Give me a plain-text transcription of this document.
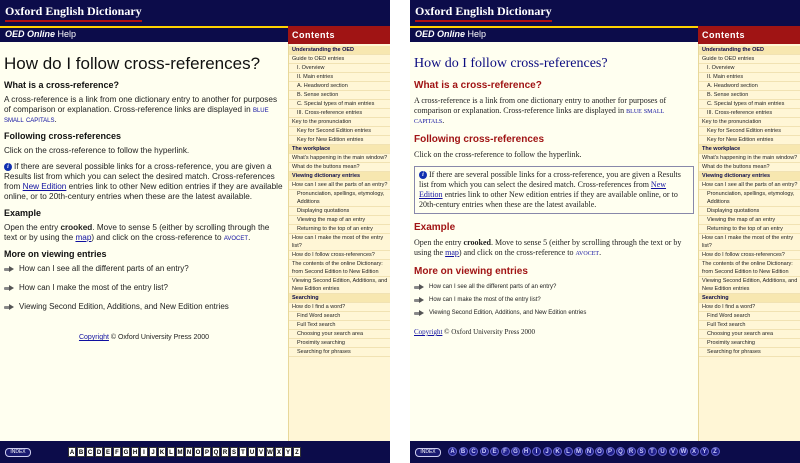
Oxford English Dictionary
OED Online Help	Contents
How do I follow cross-references?
What is a cross-reference?

A cross-reference is a link from one dictionary entry to another for purposes of comparison or explanation. Cross-reference links are displayed in blue small capitals.

Following cross-references

Click on the cross-reference to follow the hyperlink.

i If there are several possible links for a cross-reference, you are given a Results list from which you can select the desired match. Cross-references from New Edition entries link to other New edition entries if they are available online, or to 20th-century entries when these are the latest available.

Example

Open the entry crooked. Move to sense 5 (either by scrolling through the text or by using the map) and click on the cross-reference to avocet.

More on viewing entries
How can I see all the different parts of an entry?
How can I make the most of the entry list?
Viewing Second Edition, Additions, and New Edition entries
Copyright © Oxford University Press 2000
Understanding the OED
Guide to OED entries
I. Overview
II. Main entries
A. Headword section
B. Sense section
C. Special types of main entries
III. Cross-reference entries
Key to the pronunciation
Key for Second Edition entries
Key for New Edition entries
The workplace
What's happening in the main window?
What do the buttons mean?
Viewing dictionary entries
How can I see all the parts of an entry?
Pronunciation, spellings, etymology, Additions
Displaying quotations
Viewing the map of an entry
Returning to the top of an entry
How can I make the most of the entry list?
How do I follow cross-references?
The contents of the online Dictionary: from Second Edition to New Edition
Viewing Second Edition, Additions, and New Edition entries
Searching
How do I find a word?
Find Word search
Full Text search
Choosing your search area
Proximity searching
Searching for phrases
INDEX	A B C D E F G H I	J K L M N O P Q R S T U V W X Y Z
Oxford English Dictionary
OED Online Help	Contents
How do I follow cross-references?
What is a cross-reference?

A cross-reference is a link from one dictionary entry to another for purposes of comparison or explanation. Cross-reference links are displayed in blue small capitals.

Following cross-references

Click on the cross-reference to follow the hyperlink.

i If there are several possible links for a cross-reference, you are given a Results list from which you can select the desired match. Cross-references from New Edition entries link to other New edition entries if they are available online, or to 20th-century entries when these are the latest available.

Example

Open the entry crooked. Move to sense 5 (either by scrolling through the text or by using the map) and click on the cross-reference to avocet.

More on viewing entries
How can I see all the different parts of an entry?
How can I make the most of the entry list?
Viewing Second Edition, Additions, and New Edition entries
Copyright © Oxford University Press 2000
Understanding the OED
Guide to OED entries
I. Overview
II. Main entries
A. Headword section
B. Sense section
C. Special types of main entries
III. Cross-reference entries
Key to the pronunciation
Key for Second Edition entries
Key for New Edition entries
The workplace
What's happening in the main window?
What do the buttons mean?
Viewing dictionary entries
How can I see all the parts of an entry?
Pronunciation, spellings, etymology, Additions
Displaying quotations
Viewing the map of an entry
Returning to the top of an entry
How can I make the most of the entry list?
How do I follow cross-references?
The contents of the online Dictionary: from Second Edition to New Edition
Viewing Second Edition, Additions, and New Edition entries
Searching
How do I find a word?
Find Word search
Full Text search
Choosing your search area
Proximity searching
Searching for phrases
INDEX	A	B	C	D	E	F	G	H	I	J	K	L	M N O	P	Q	R	S	T	U	V W X	Y	Z
